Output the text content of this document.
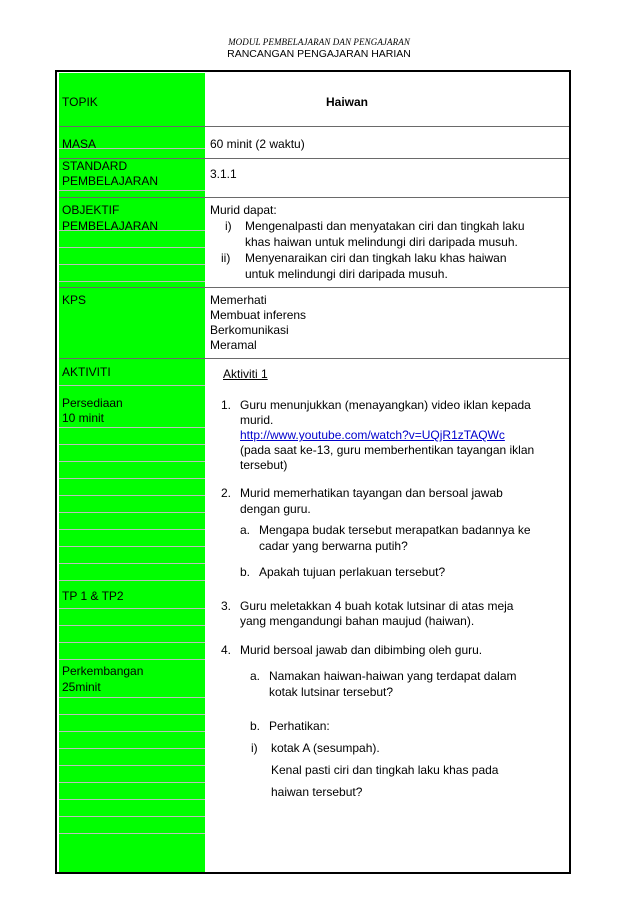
MODUL PEMBELAJARAN DAN PENGAJARAN
RANCANGAN PENGAJARAN HARIAN
TOPIK
MASA
STANDARD
PEMBELAJARAN
OBJEKTIF
PEMBELAJARAN
KPS
AKTIVITI
Persediaan
10 minit
TP 1 & TP2
Perkembangan
25minit
Haiwan
60 minit (2 waktu)
3.1.1
Murid dapat:
i) Mengenalpasti dan menyatakan ciri dan tingkah laku
khas haiwan untuk melindungi diri daripada musuh.
ii) Menyenaraikan ciri dan tingkah laku khas haiwan
untuk melindungi diri daripada musuh.
Memerhati
Membuat inferens
Berkomunikasi
Meramal
Aktiviti 1
1. Guru menunjukkan (menayangkan) video iklan kepada
murid.
http://www.youtube.com/watch?v=UQjR1zTAQWc
(pada saat ke-13, guru memberhentikan tayangan iklan
tersebut)
2. Murid memerhatikan tayangan dan bersoal jawab
dengan guru.
a. Mengapa budak tersebut merapatkan badannya ke
cadar yang berwarna putih?
b. Apakah tujuan perlakuan tersebut?
3. Guru meletakkan 4 buah kotak lutsinar di atas meja
yang mengandungi bahan maujud (haiwan).
4. Murid bersoal jawab dan dibimbing oleh guru.
a. Namakan haiwan-haiwan yang terdapat dalam
kotak lutsinar tersebut?
b. Perhatikan:
i) kotak A (sesumpah).
Kenal pasti ciri dan tingkah laku khas pada
haiwan tersebut?
